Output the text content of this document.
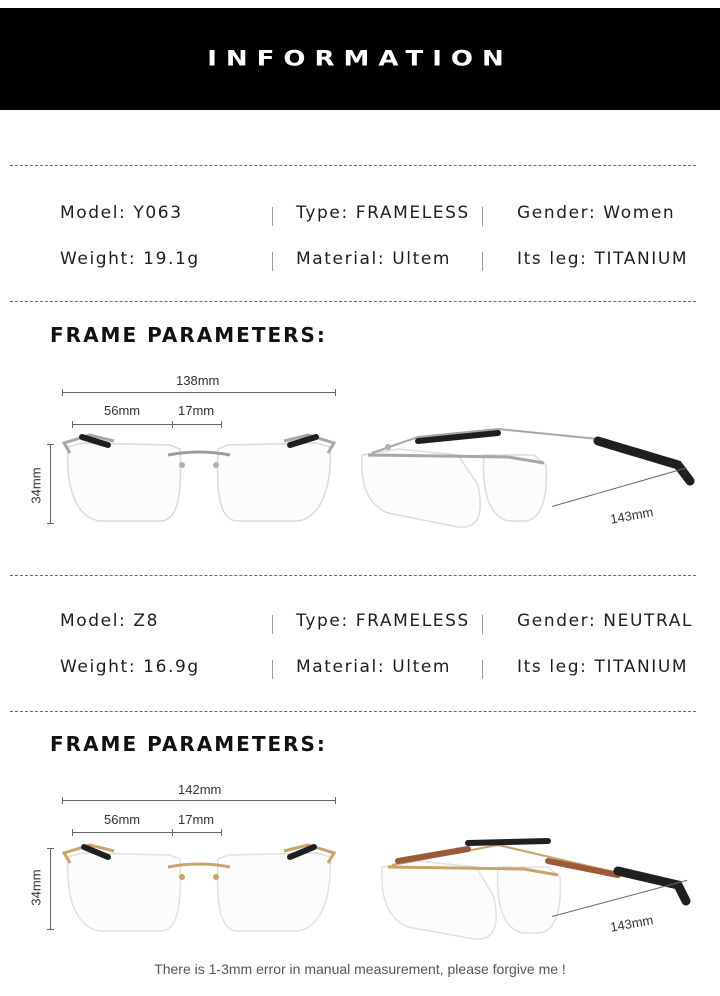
INFORMATION
Model: Y063	Type: FRAMELESS	Gender: Women
Weight: 19.1g	Material: Ultem	Its leg: TITANIUM
FRAME PARAMETERS:
138mm
56mm	17mm
34mm
143mm
Model: Z8	Type: FRAMELESS	Gender: NEUTRAL
Weight: 16.9g	Material: Ultem	Its leg: TITANIUM
FRAME PARAMETERS:
142mm
56mm	17mm
34mm
143mm
There is 1-3mm error in manual measurement, please forgive me !
